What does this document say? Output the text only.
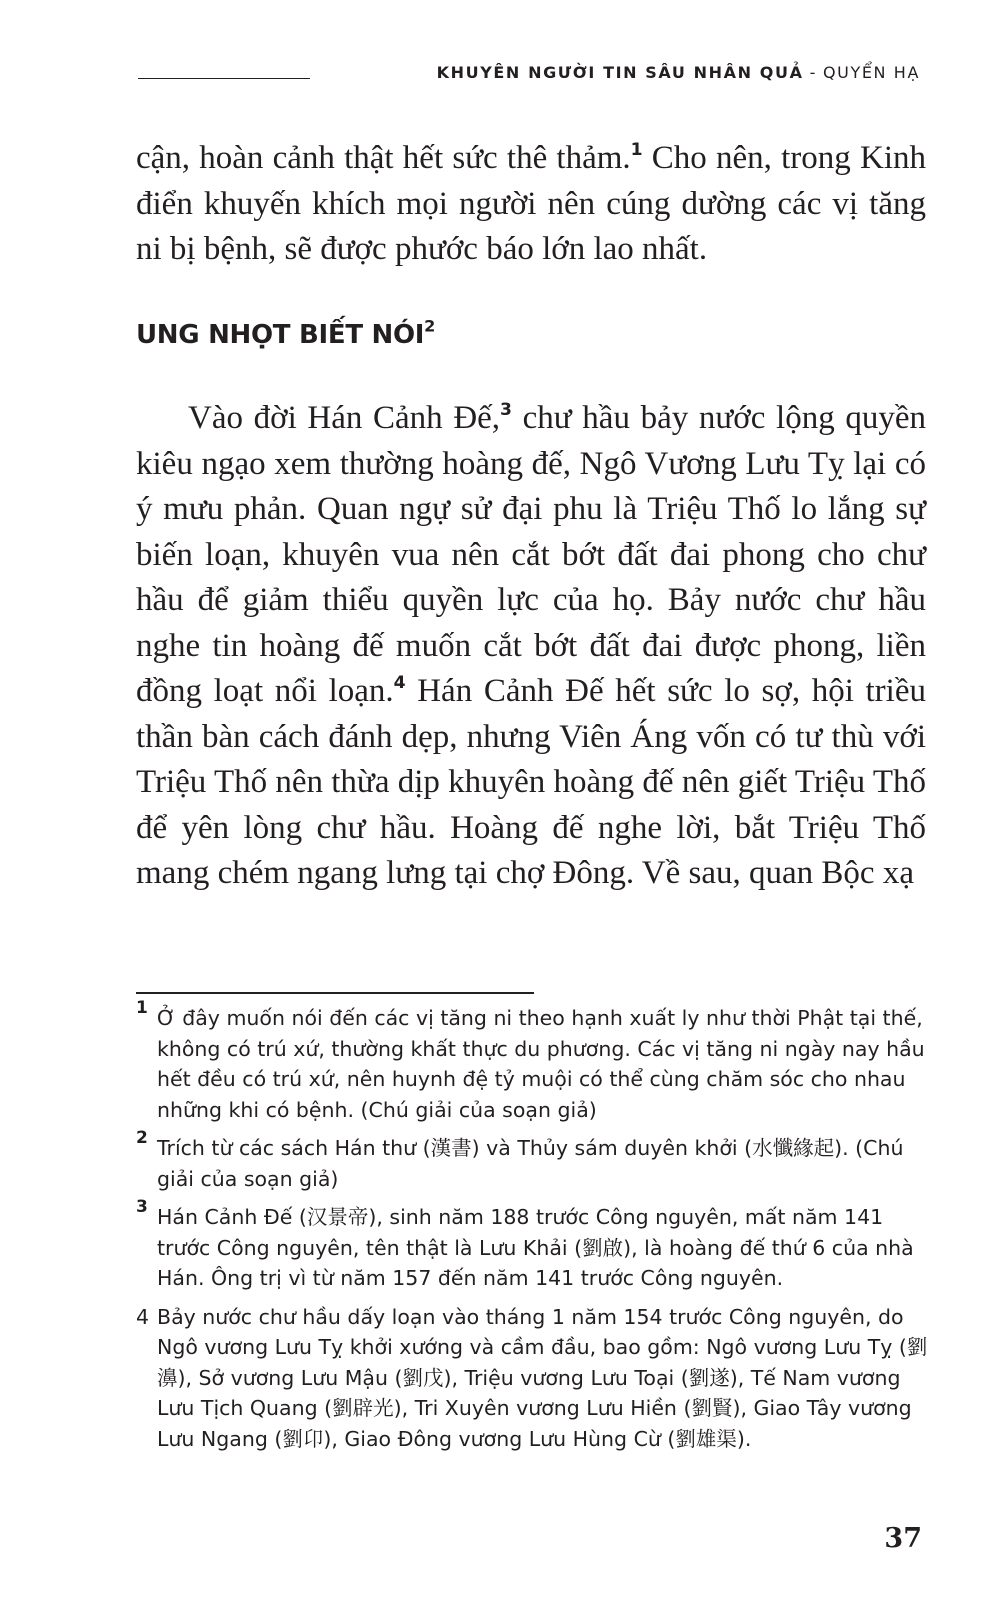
KHUYÊN NGƯỜI TIN SÂU NHÂN QUẢ - QUYỂN HẠ

cận, hoàn cảnh thật hết sức thê thảm.$^1$ Cho nên, trong Kinh điển khuyến khích mọi người nên cúng dường các vị tăng ni bị bệnh, sẽ được phước báo lớn lao nhất.

UNG NHỌT BIẾT NÓI$^2$

Vào đời Hán Cảnh Đế,$^3$ chư hầu bảy nước lộng quyền kiêu ngạo xem thường hoàng đế, Ngô Vương Lưu Tỵ lại có ý mưu phản. Quan ngự sử đại phu là Triệu Thố lo lắng sự biến loạn, khuyên vua nên cắt bớt đất đai phong cho chư hầu để giảm thiểu quyền lực của họ. Bảy nước chư hầu nghe tin hoàng đế muốn cắt bớt đất đai được phong, liền đồng loạt nổi loạn.$^4$ Hán Cảnh Đế hết sức lo sợ, hội triều thần bàn cách đánh dẹp, nhưng Viên Áng vốn có tư thù với Triệu Thố nên thừa dịp khuyên hoàng đế nên giết Triệu Thố để yên lòng chư hầu. Hoàng đế nghe lời, bắt Triệu Thố mang chém ngang lưng tại chợ Đông. Về sau, quan Bộc xạ

1 Ở đây muốn nói đến các vị tăng ni theo hạnh xuất ly như thời Phật tại thế, không có trú xứ, thường khất thực du phương. Các vị tăng ni ngày nay hầu hết đều có trú xứ, nên huynh đệ tỷ muội có thể cùng chăm sóc cho nhau những khi có bệnh. (Chú giải của soạn giả)
2 Trích từ các sách Hán thư (漢書) và Thủy sám duyên khởi (水懺緣起). (Chú giải của soạn giả)
3 Hán Cảnh Đế (汉景帝), sinh năm 188 trước Công nguyên, mất năm 141 trước Công nguyên, tên thật là Lưu Khải (劉啟), là hoàng đế thứ 6 của nhà Hán. Ông trị vì từ năm 157 đến năm 141 trước Công nguyên.
4 Bảy nước chư hầu dấy loạn vào tháng 1 năm 154 trước Công nguyên, do Ngô vương Lưu Tỵ khởi xướng và cầm đầu, bao gồm: Ngô vương Lưu Tỵ (劉濞), Sở vương Lưu Mậu (劉戊), Triệu vương Lưu Toại (劉遂), Tế Nam vương Lưu Tịch Quang (劉辟光), Tri Xuyên vương Lưu Hiền (劉賢), Giao Tây vương Lưu Ngang (劉卬), Giao Đông vương Lưu Hùng Cừ (劉雄渠).
37
